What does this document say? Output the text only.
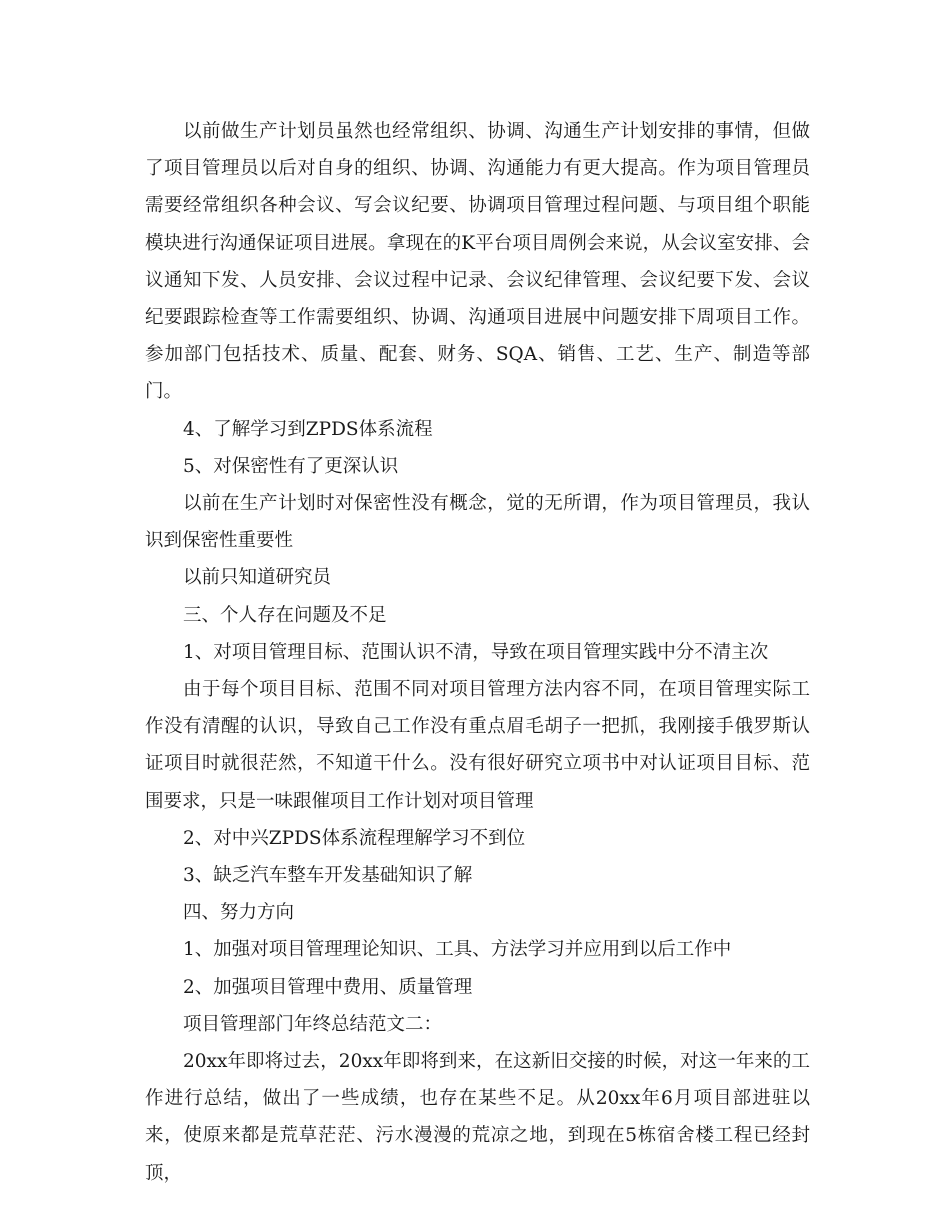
以前做生产计划员虽然也经常组织、协调、沟通生产计划安排的事情，但做了项目管理员以后对自身的组织、协调、沟通能力有更大提高。作为项目管理员需要经常组织各种会议、写会议纪要、协调项目管理过程问题、与项目组个职能模块进行沟通保证项目进展。拿现在的K平台项目周例会来说，从会议室安排、会议通知下发、人员安排、会议过程中记录、会议纪律管理、会议纪要下发、会议纪要跟踪检查等工作需要组织、协调、沟通项目进展中问题安排下周项目工作。参加部门包括技术、质量、配套、财务、SQA、销售、工艺、生产、制造等部门。

4、了解学习到ZPDS体系流程

5、对保密性有了更深认识

以前在生产计划时对保密性没有概念，觉的无所谓，作为项目管理员，我认识到保密性重要性

以前只知道研究员

三、个人存在问题及不足

1、对项目管理目标、范围认识不清，导致在项目管理实践中分不清主次

由于每个项目目标、范围不同对项目管理方法内容不同，在项目管理实际工作没有清醒的认识，导致自己工作没有重点眉毛胡子一把抓，我刚接手俄罗斯认证项目时就很茫然，不知道干什么。没有很好研究立项书中对认证项目目标、范围要求，只是一味跟催项目工作计划对项目管理

2、对中兴ZPDS体系流程理解学习不到位

3、缺乏汽车整车开发基础知识了解

四、努力方向

1、加强对项目管理理论知识、工具、方法学习并应用到以后工作中

2、加强项目管理中费用、质量管理

项目管理部门年终总结范文二：

20xx年即将过去，20xx年即将到来，在这新旧交接的时候，对这一年来的工作进行总结，做出了一些成绩，也存在某些不足。从20xx年6月项目部进驻以来，使原来都是荒草茫茫、污水漫漫的荒凉之地，到现在5栋宿舍楼工程已经封顶，
